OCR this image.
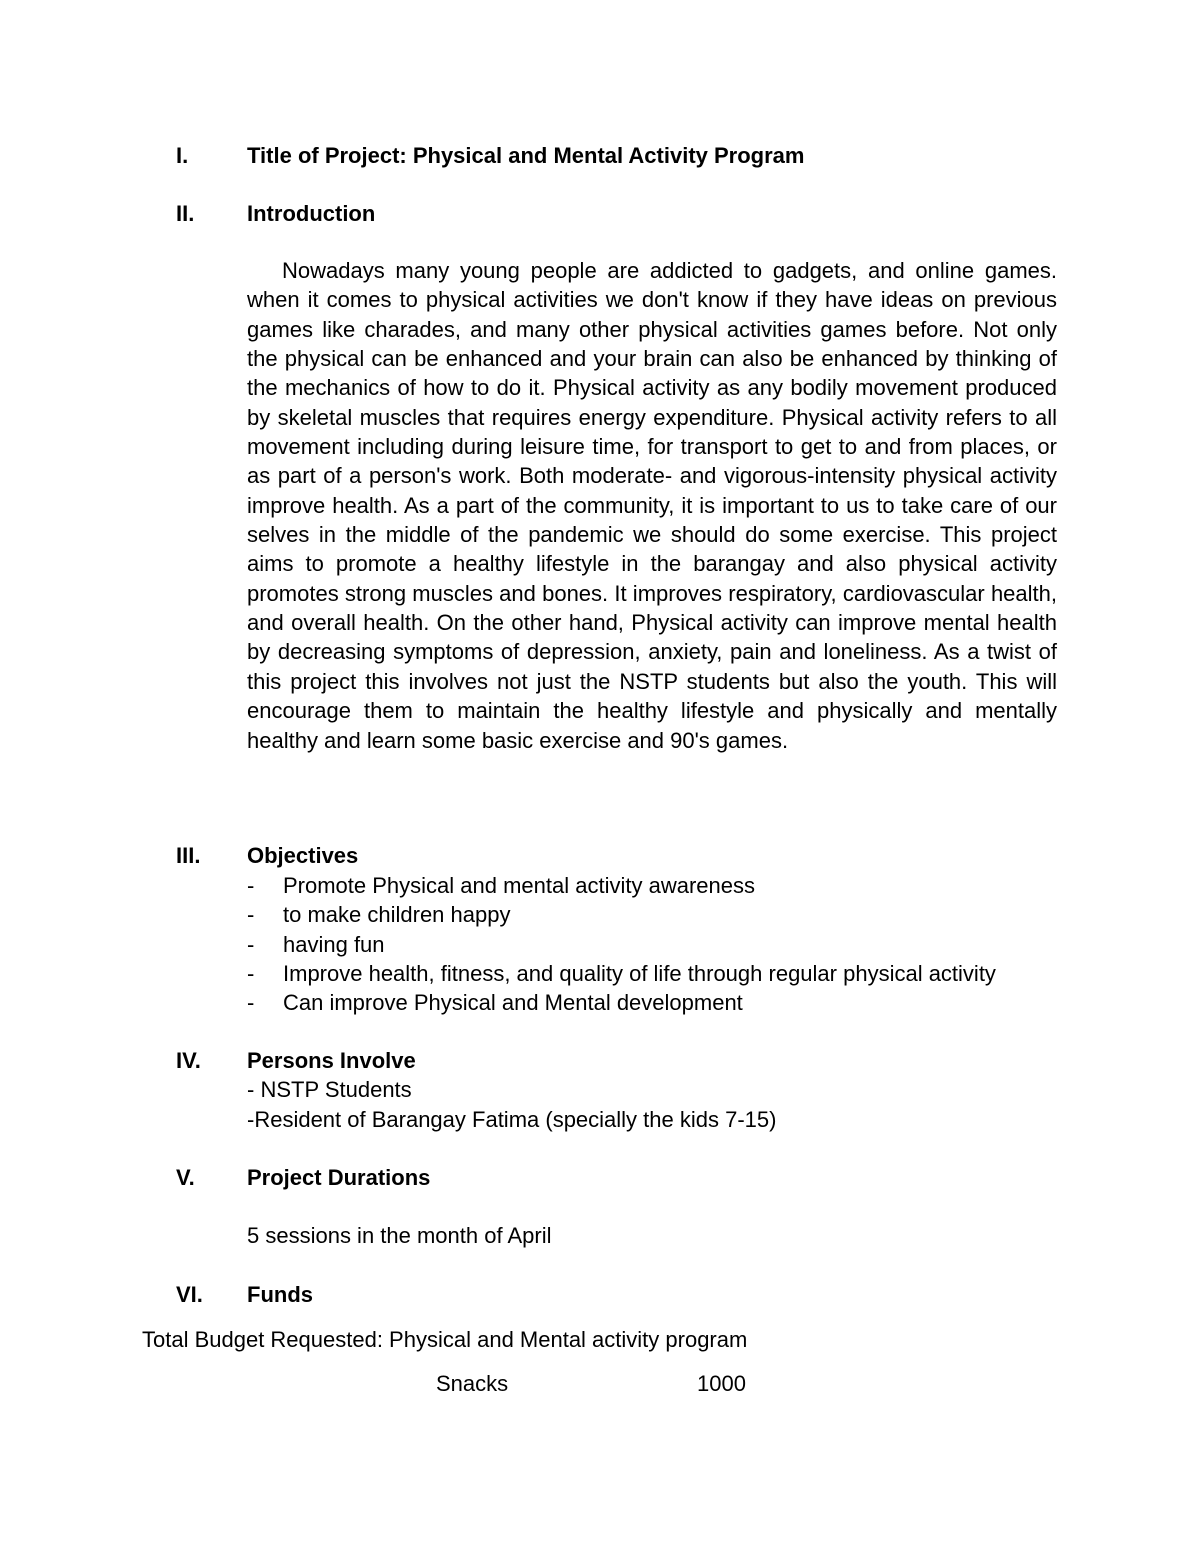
I.	Title of Project: Physical and Mental Activity Program
II. Introduction

Nowadays many young people are addicted to gadgets, and online games. when it comes to physical activities we don't know if they have ideas on previous games like charades, and many other physical activities games before. Not only the physical can be enhanced and your brain can also be enhanced by thinking of the mechanics of how to do it. Physical activity as any bodily movement produced by skeletal muscles that requires energy expenditure. Physical activity refers to all movement including during leisure time, for transport to get to and from places, or as part of a person's work. Both moderate- and vigorous-intensity physical activity improve health. As a part of the community, it is important to us to take care of our selves in the middle of the pandemic we should do some exercise. This project aims to promote a healthy lifestyle in the barangay and also physical activity promotes strong muscles and bones. It improves respiratory, cardiovascular health, and overall health. On the other hand, Physical activity can improve mental health by decreasing symptoms of depression, anxiety, pain and loneliness. As a twist of this project this involves not just the NSTP students but also the youth. This will encourage them to maintain the healthy lifestyle and physically and mentally healthy and learn some basic exercise and 90's games.

III. Objectives
- Promote Physical and mental activity awareness
- to make children happy
- having fun
- Improve health, fitness, and quality of life through regular physical activity
- Can improve Physical and Mental development
IV. Persons Involve
- NSTP Students
-Resident of Barangay Fatima (specially the kids 7-15)
V. Project Durations
5 sessions in the month of April
VI. Funds
Total Budget Requested: Physical and Mental activity program
Snacks	1000
